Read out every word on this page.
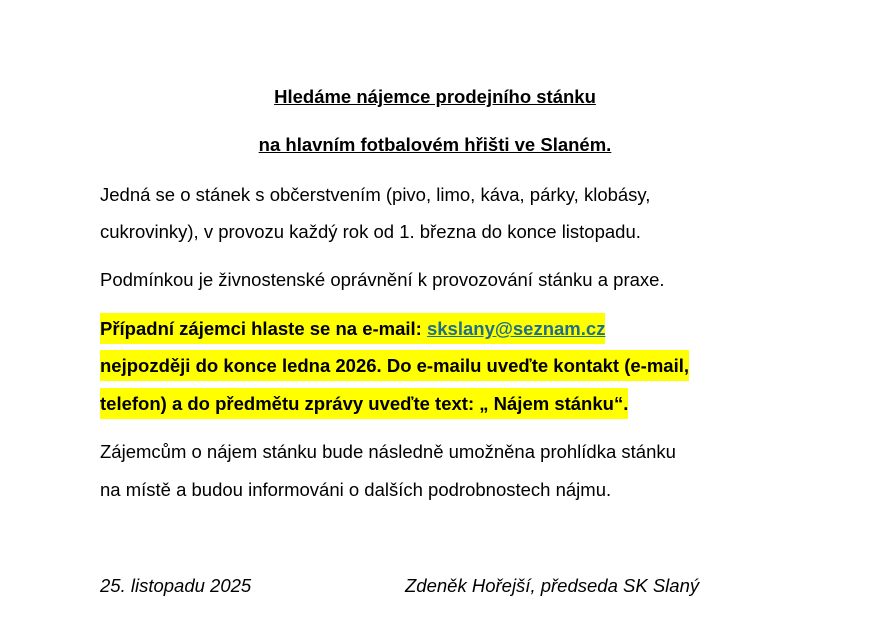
Hledáme nájemce prodejního stánku
na hlavním fotbalovém hřišti ve Slaném.
Jedná se o stánek s občerstvením (pivo, limo, káva, párky, klobásy,
cukrovinky), v provozu každý rok od 1. března do konce listopadu.
Podmínkou je živnostenské oprávnění k provozování stánku a praxe.
Případní zájemci hlaste se na e-mail: skslany@seznam.cz
nejpozději do konce ledna 2026. Do e-mailu uveďte kontakt (e-mail,
telefon) a do předmětu zprávy uveďte text: „ Nájem stánku“.
Zájemcům o nájem stánku bude následně umožněna prohlídka stánku
na místě a budou informováni o dalších podrobnostech nájmu.
25. listopadu 2025	Zdeněk Hořejší, předseda SK Slaný
